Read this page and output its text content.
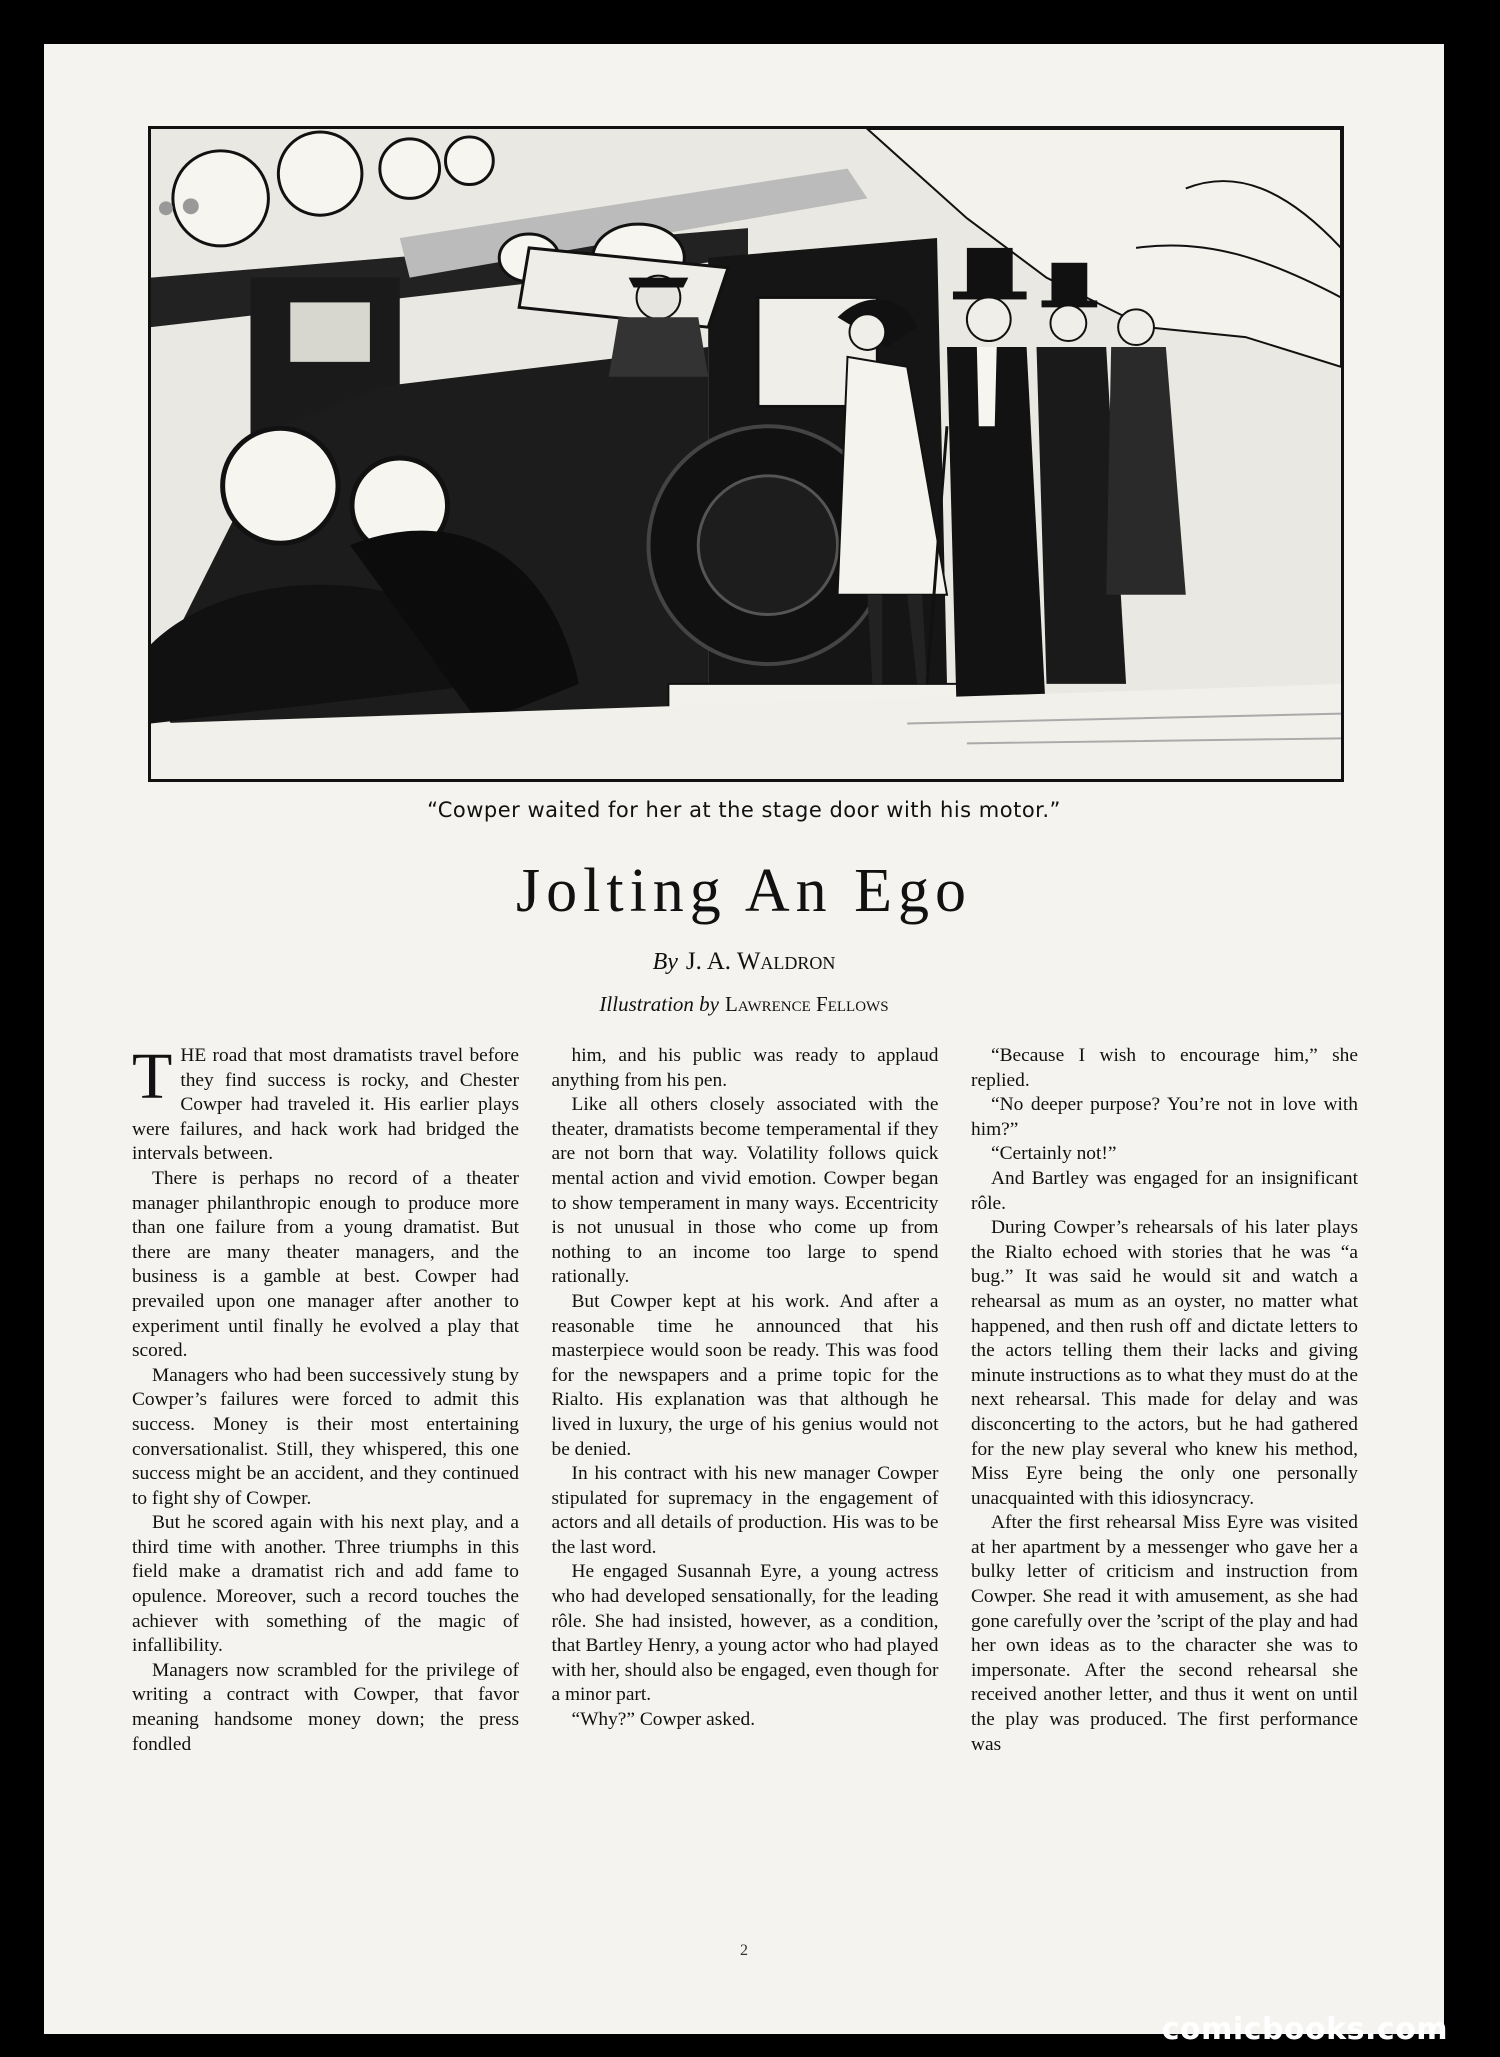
“Cowper waited for her at the stage door with his motor.”
Jolting An Ego
By J. A. Waldron
Illustration by Lawrence Fellows

THE road that most dramatists travel before they find success is rocky, and Chester Cowper had traveled it. His earlier plays were failures, and hack work had bridged the intervals between.

There is perhaps no record of a theater manager philanthropic enough to produce more than one failure from a young dramatist. But there are many theater managers, and the business is a gamble at best. Cowper had prevailed upon one manager after another to experiment until finally he evolved a play that scored.

Managers who had been successively stung by Cowper’s failures were forced to admit this success. Money is their most entertaining conversationalist. Still, they whispered, this one success might be an accident, and they continued to fight shy of Cowper.

But he scored again with his next play, and a third time with another. Three triumphs in this field make a dramatist rich and add fame to opulence. Moreover, such a record touches the achiever with something of the magic of infallibility.

Managers now scrambled for the privilege of writing a contract with Cowper, that favor meaning handsome money down; the press fondled

him, and his public was ready to applaud anything from his pen.

Like all others closely associated with the theater, dramatists become temperamental if they are not born that way. Volatility follows quick mental action and vivid emotion. Cowper began to show temperament in many ways. Eccentricity is not unusual in those who come up from nothing to an income too large to spend rationally.

But Cowper kept at his work. And after a reasonable time he announced that his masterpiece would soon be ready. This was food for the newspapers and a prime topic for the Rialto. His explanation was that although he lived in luxury, the urge of his genius would not be denied.

In his contract with his new manager Cowper stipulated for supremacy in the engagement of actors and all details of production. His was to be the last word.

He engaged Susannah Eyre, a young actress who had developed sensationally, for the leading rôle. She had insisted, however, as a condition, that Bartley Henry, a young actor who had played with her, should also be engaged, even though for a minor part.

“Why?” Cowper asked.

“Because I wish to encourage him,” she replied.

“No deeper purpose? You’re not in love with him?”

“Certainly not!”

And Bartley was engaged for an insignificant rôle.

During Cowper’s rehearsals of his later plays the Rialto echoed with stories that he was “a bug.” It was said he would sit and watch a rehearsal as mum as an oyster, no matter what happened, and then rush off and dictate letters to the actors telling them their lacks and giving minute instructions as to what they must do at the next rehearsal. This made for delay and was disconcerting to the actors, but he had gathered for the new play several who knew his method, Miss Eyre being the only one personally unacquainted with this idiosyncracy.

After the first rehearsal Miss Eyre was visited at her apartment by a messenger who gave her a bulky letter of criticism and instruction from Cowper. She read it with amusement, as she had gone carefully over the ’script of the play and had her own ideas as to the character she was to impersonate. After the second rehearsal she received another letter, and thus it went on until the play was produced. The first performance was

2
comicbooks.com
